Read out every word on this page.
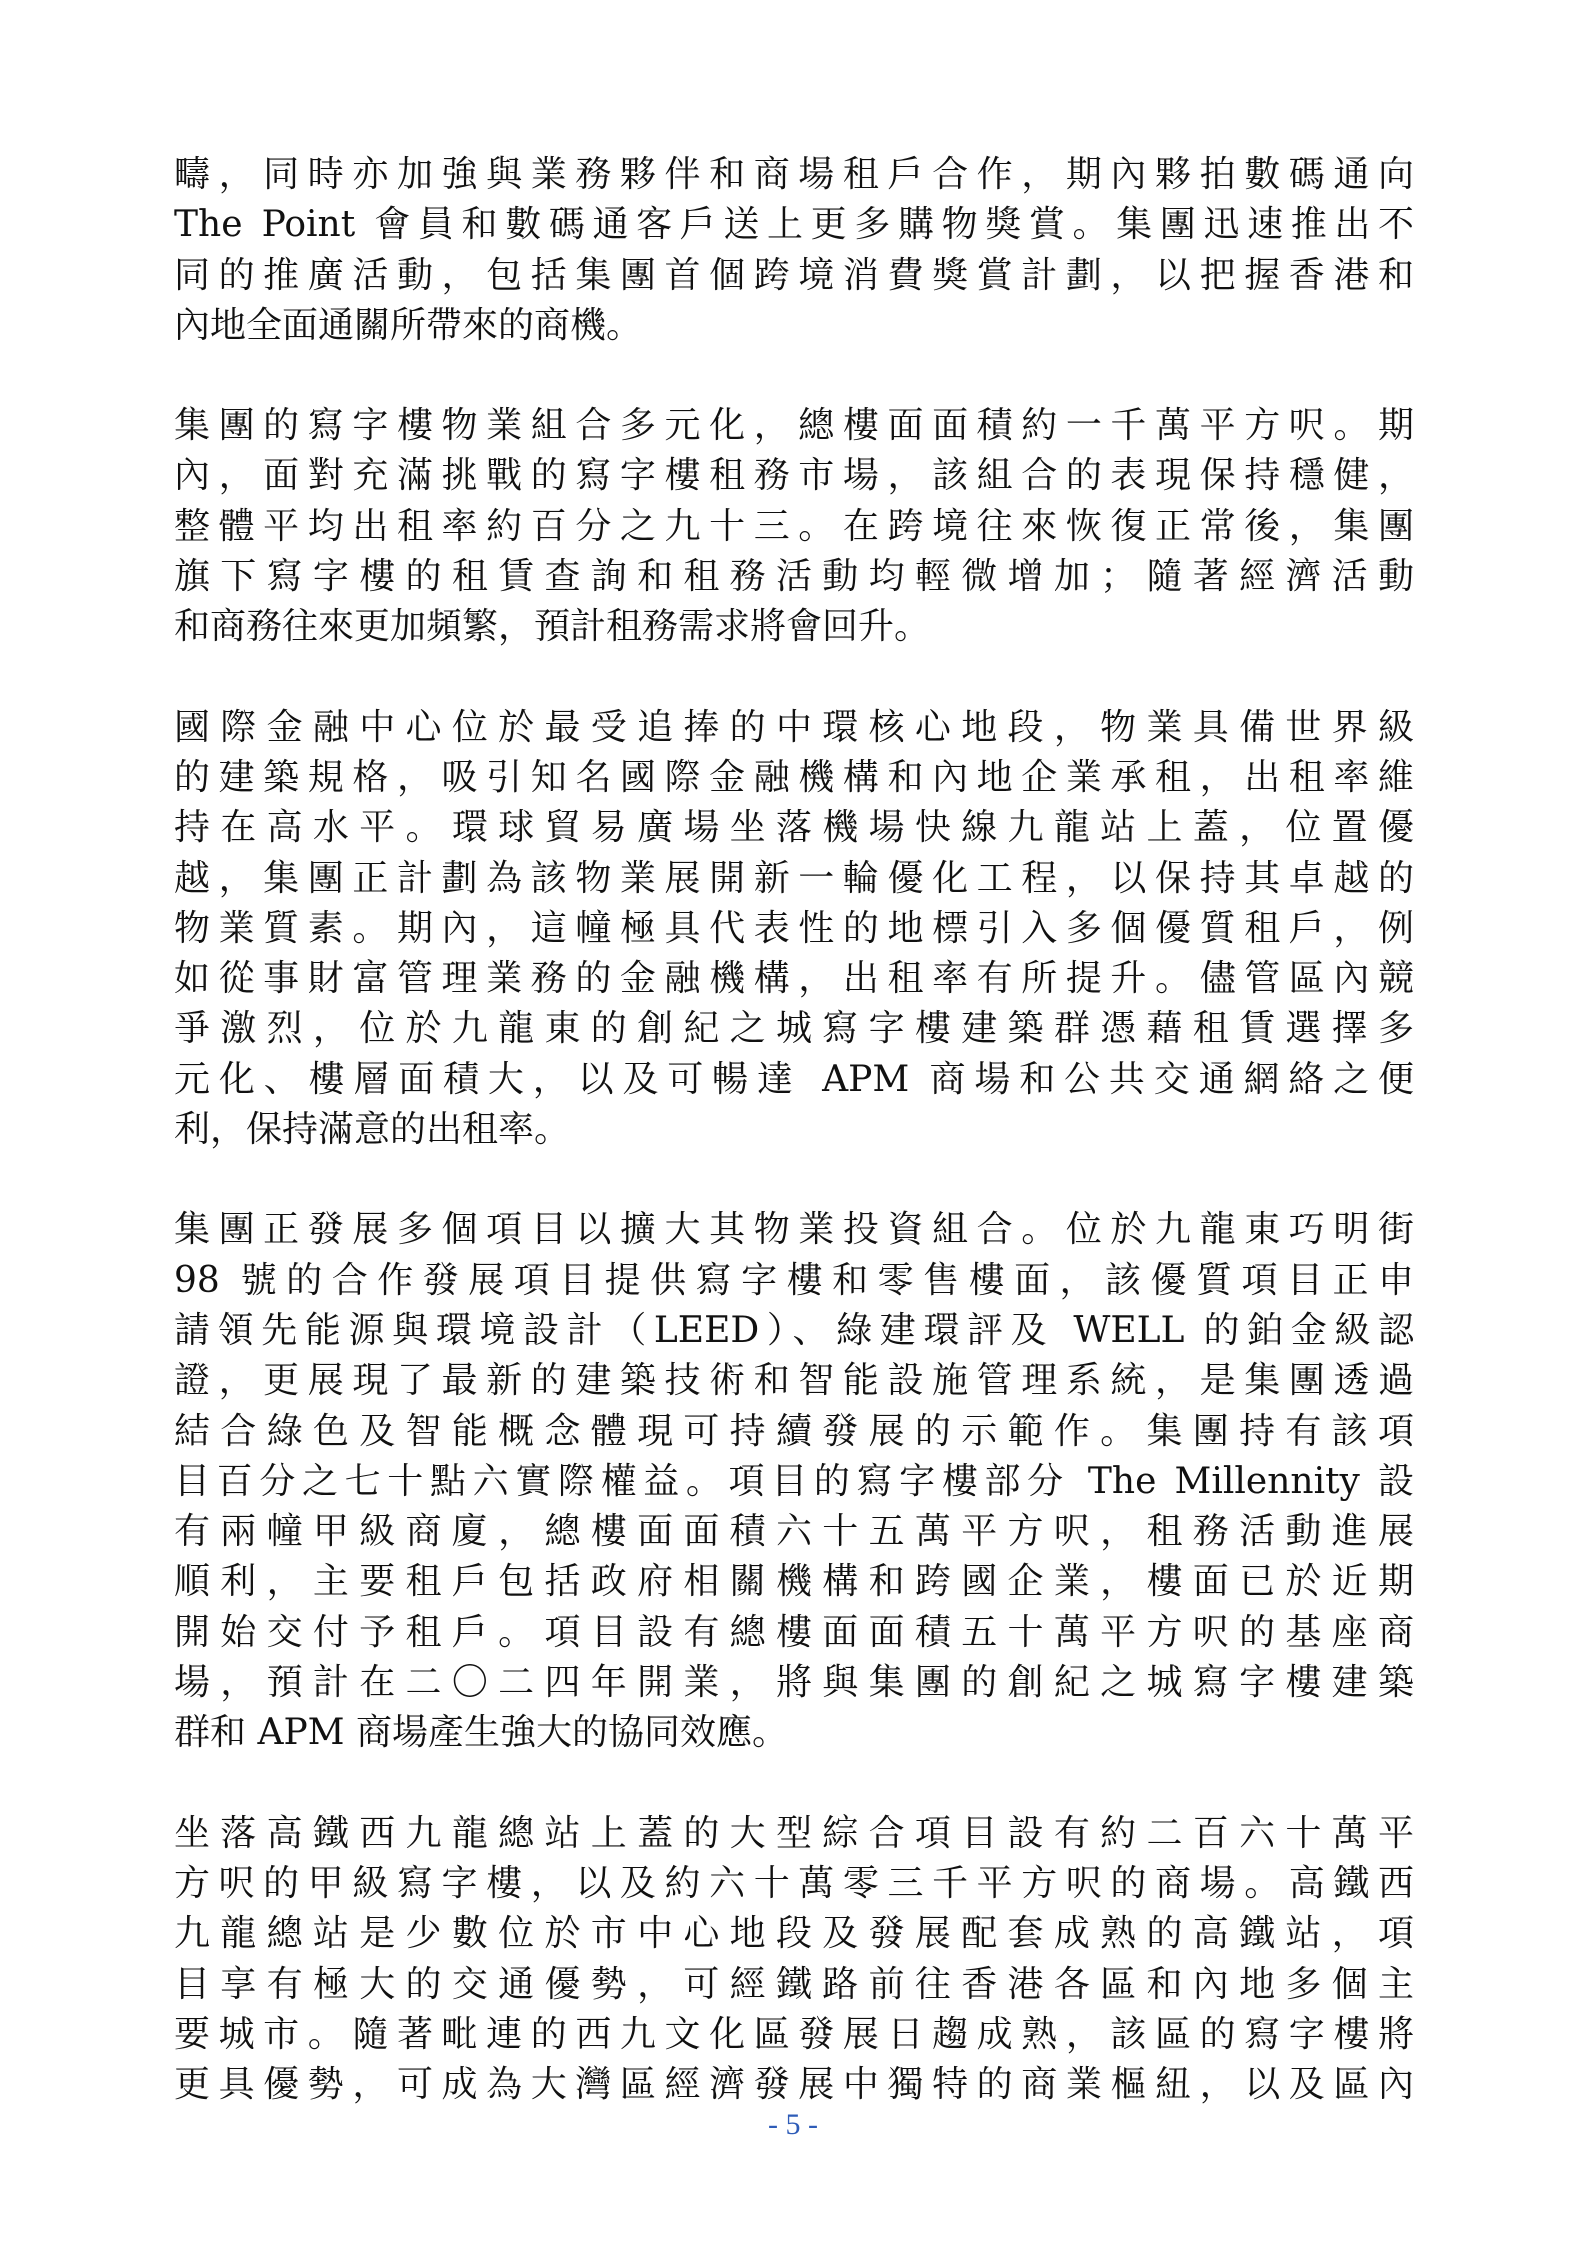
疇，同時亦加強與業務夥伴和商場租戶合作，期內夥拍數碼通向
The Point 會員和數碼通客戶送上更多購物獎賞。集團迅速推出不
同的推廣活動，包括集團首個跨境消費獎賞計劃，以把握香港和
內地全面通關所帶來的商機。
集團的寫字樓物業組合多元化，總樓面面積約一千萬平方呎。期
內，面對充滿挑戰的寫字樓租務市場，該組合的表現保持穩健，
整體平均出租率約百分之九十三。在跨境往來恢復正常後，集團
旗下寫字樓的租賃查詢和租務活動均輕微增加；隨著經濟活動
和商務往來更加頻繁，預計租務需求將會回升。
國際金融中心位於最受追捧的中環核心地段，物業具備世界級
的建築規格，吸引知名國際金融機構和內地企業承租，出租率維
持在高水平。環球貿易廣場坐落機場快線九龍站上蓋，位置優
越，集團正計劃為該物業展開新一輪優化工程，以保持其卓越的
物業質素。期內，這幢極具代表性的地標引入多個優質租戶，例
如從事財富管理業務的金融機構，出租率有所提升。儘管區內競
爭激烈，位於九龍東的創紀之城寫字樓建築群憑藉租賃選擇多
元化、樓層面積大，以及可暢達 APM 商場和公共交通網絡之便
利，保持滿意的出租率。
集團正發展多個項目以擴大其物業投資組合。位於九龍東巧明街
98 號的合作發展項目提供寫字樓和零售樓面，該優質項目正申
請領先能源與環境設計（LEED）、綠建環評及 WELL 的鉑金級認
證，更展現了最新的建築技術和智能設施管理系統，是集團透過
結合綠色及智能概念體現可持續發展的示範作。集團持有該項
目百分之七十點六實際權益。項目的寫字樓部分 The Millennity 設
有兩幢甲級商廈，總樓面面積六十五萬平方呎，租務活動進展
順利，主要租戶包括政府相關機構和跨國企業，樓面已於近期
開始交付予租戶。項目設有總樓面面積五十萬平方呎的基座商
場，預計在二〇二四年開業，將與集團的創紀之城寫字樓建築
群和 APM 商場產生強大的協同效應。
坐落高鐵西九龍總站上蓋的大型綜合項目設有約二百六十萬平
方呎的甲級寫字樓，以及約六十萬零三千平方呎的商場。高鐵西
九龍總站是少數位於市中心地段及發展配套成熟的高鐵站，項
目享有極大的交通優勢，可經鐵路前往香港各區和內地多個主
要城市。隨著毗連的西九文化區發展日趨成熟，該區的寫字樓將
更具優勢，可成為大灣區經濟發展中獨特的商業樞紐，以及區內
- 5 -
